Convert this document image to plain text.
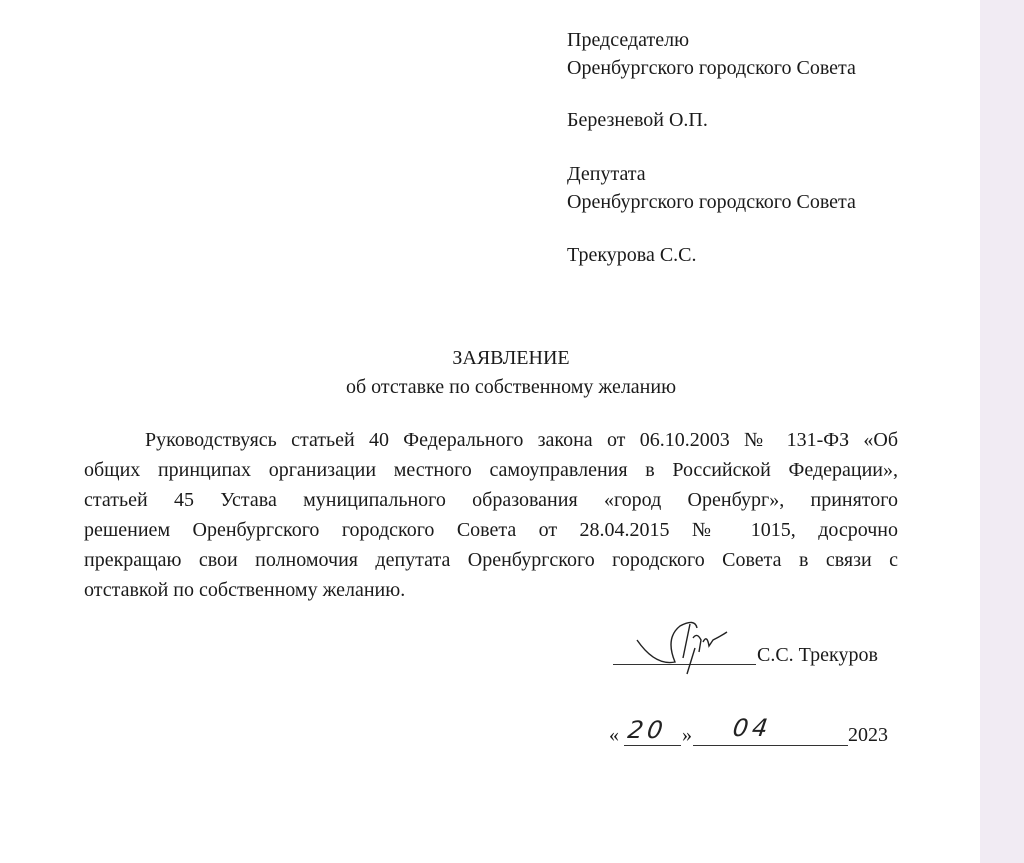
Председателю
Оренбургского городского Совета
Березневой О.П.
Депутата
Оренбургского городского Совета
Трекурова С.С.
ЗАЯВЛЕНИЕ
об отставке по собственному желанию
Руководствуясь статьей 40 Федерального закона от 06.10.2003 № 131-ФЗ «Об
общих принципах организации местного самоуправления в Российской Федерации»,
статьей 45 Устава муниципального образования «город Оренбург», принятого
решением Оренбургского городского Совета от 28.04.2015 № 1015, досрочно
прекращаю свои полномочия депутата Оренбургского городского Совета в связи с
отставкой по собственному желанию.
С.С. Трекуров
« 20 » 04	2023
